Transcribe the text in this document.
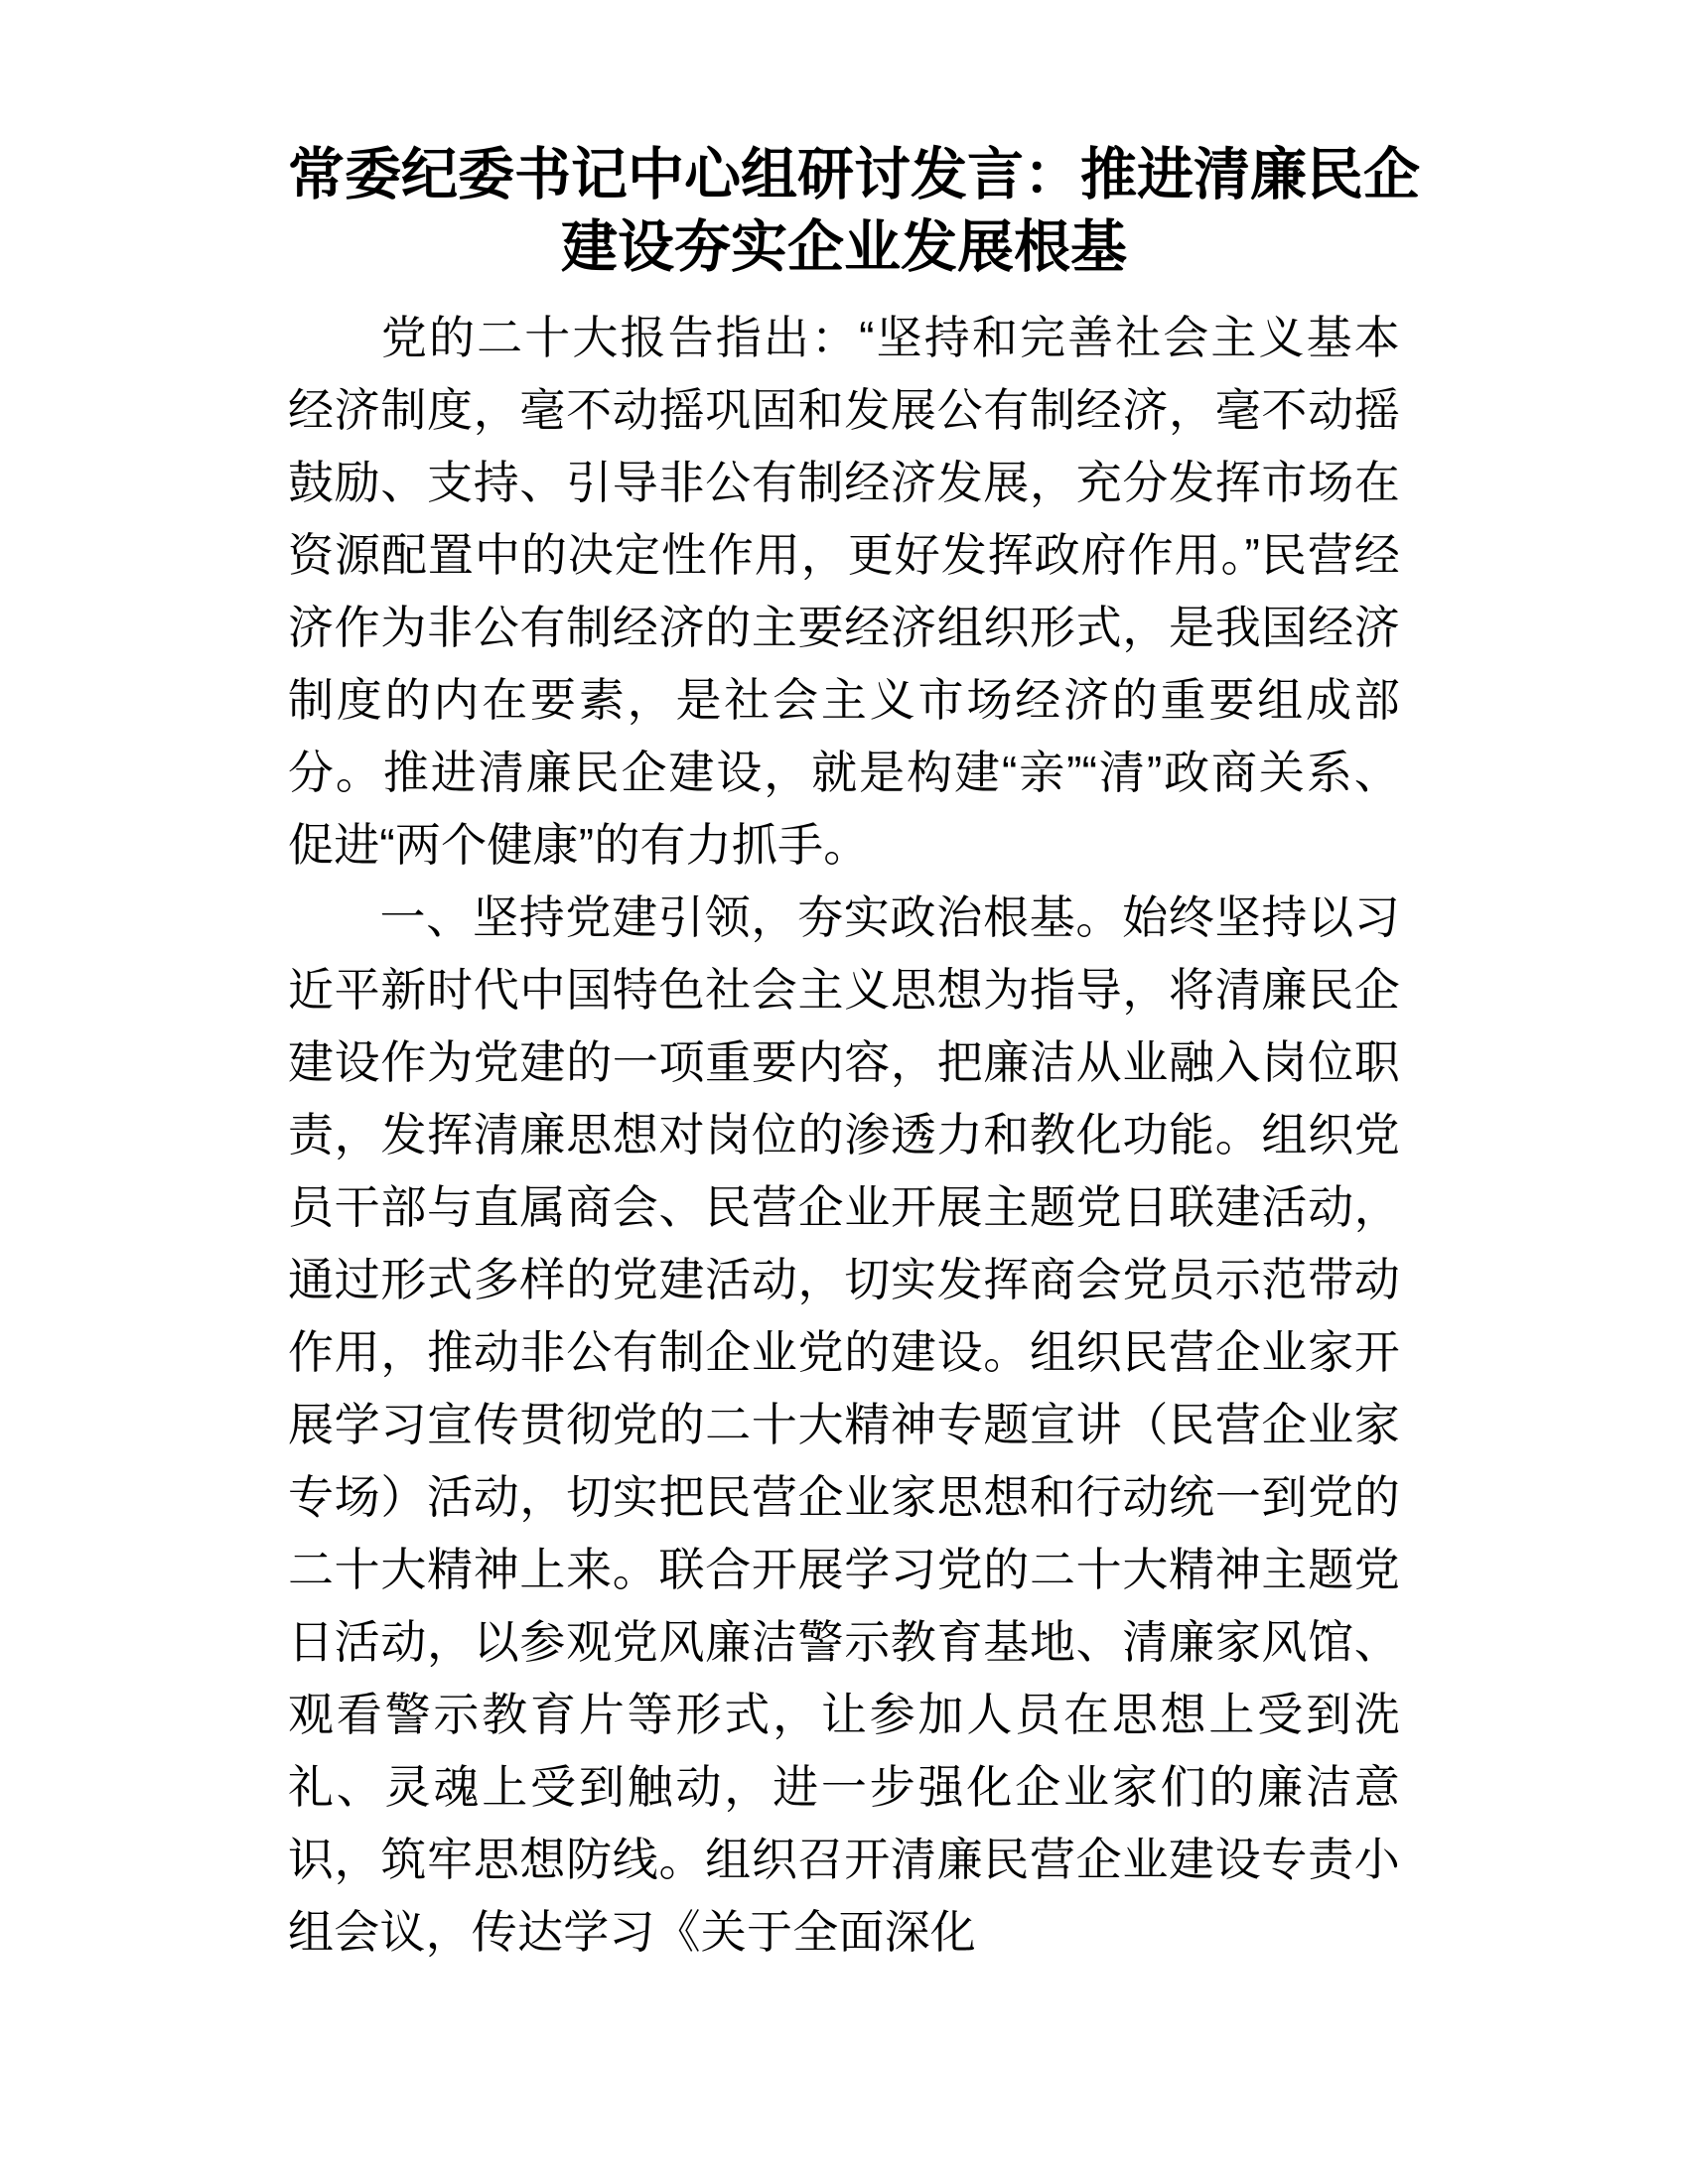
常委纪委书记中心组研讨发言：推进清廉民企
建设夯实企业发展根基

党的二十大报告指出：“坚持和完善社会主义基本经济制度，毫不动摇巩固和发展公有制经济，毫不动摇鼓励、支持、引导非公有制经济发展，充分发挥市场在资源配置中的决定性作用，更好发挥政府作用。”民营经济作为非公有制经济的主要经济组织形式，是我国经济制度的内在要素，是社会主义市场经济的重要组成部分。推进清廉民企建设，就是构建“亲”“清”政商关系、促进“两个健康”的有力抓手。

一、坚持党建引领，夯实政治根基。始终坚持以习近平新时代中国特色社会主义思想为指导，将清廉民企建设作为党建的一项重要内容，把廉洁从业融入岗位职责，发挥清廉思想对岗位的渗透力和教化功能。组织党员干部与直属商会、民营企业开展主题党日联建活动，通过形式多样的党建活动，切实发挥商会党员示范带动作用，推动非公有制企业党的建设。组织民营企业家开展学习宣传贯彻党的二十大精神专题宣讲（民营企业家专场）活动，切实把民营企业家思想和行动统一到党的二十大精神上来。联合开展学习党的二十大精神主题党日活动，以参观党风廉洁警示教育基地、清廉家风馆、观看警示教育片等形式，让参加人员在思想上受到洗礼、灵魂上受到触动，进一步强化企业家们的廉洁意识，筑牢思想防线。组织召开清廉民营企业建设专责小组会议，传达学习《关于全面深化
